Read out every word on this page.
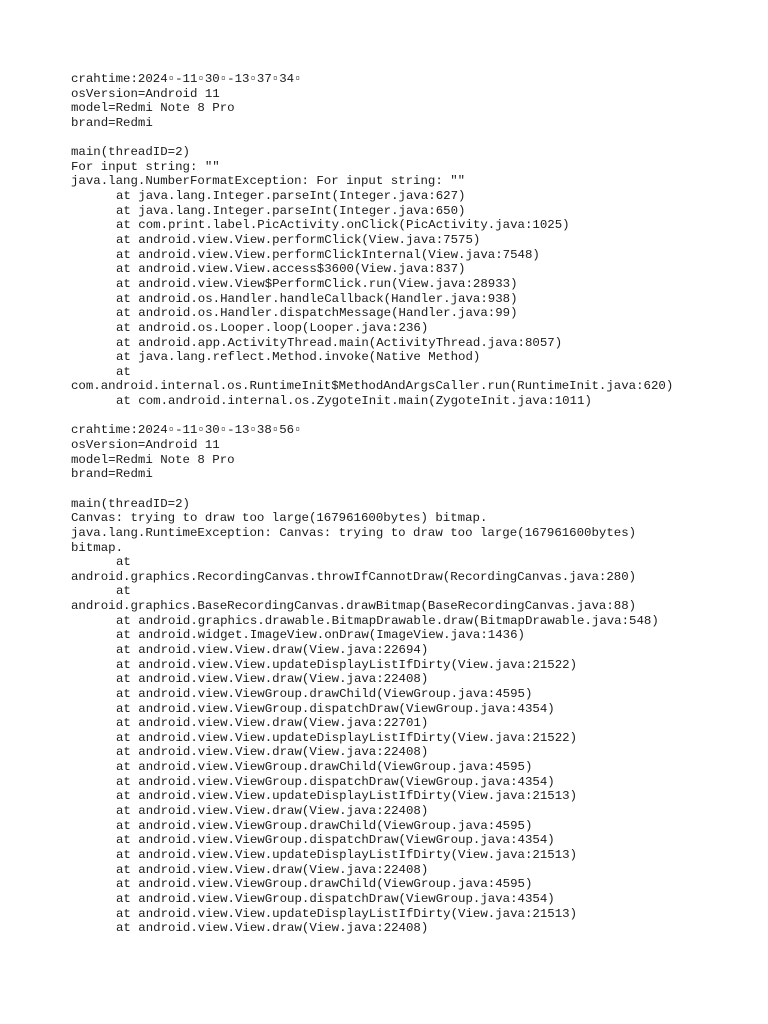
crahtime:2024▫-11▫30▫-13▫37▫34▫
osVersion=Android 11
model=Redmi Note 8 Pro
brand=Redmi
main(threadID=2)
For input string: ""
java.lang.NumberFormatException: For input string: ""
at java.lang.Integer.parseInt(Integer.java:627)
at java.lang.Integer.parseInt(Integer.java:650)
at com.print.label.PicActivity.onClick(PicActivity.java:1025)
at android.view.View.performClick(View.java:7575)
at android.view.View.performClickInternal(View.java:7548)
at android.view.View.access$3600(View.java:837)
at android.view.View$PerformClick.run(View.java:28933)
at android.os.Handler.handleCallback(Handler.java:938)
at android.os.Handler.dispatchMessage(Handler.java:99)
at android.os.Looper.loop(Looper.java:236)
at android.app.ActivityThread.main(ActivityThread.java:8057)
at java.lang.reflect.Method.invoke(Native Method)
at
com.android.internal.os.RuntimeInit$MethodAndArgsCaller.run(RuntimeInit.java:620)
at com.android.internal.os.ZygoteInit.main(ZygoteInit.java:1011)
crahtime:2024▫-11▫30▫-13▫38▫56▫
osVersion=Android 11
model=Redmi Note 8 Pro
brand=Redmi
main(threadID=2)
Canvas: trying to draw too large(167961600bytes) bitmap.
java.lang.RuntimeException: Canvas: trying to draw too large(167961600bytes)
bitmap.
at
android.graphics.RecordingCanvas.throwIfCannotDraw(RecordingCanvas.java:280)
at
android.graphics.BaseRecordingCanvas.drawBitmap(BaseRecordingCanvas.java:88)
at android.graphics.drawable.BitmapDrawable.draw(BitmapDrawable.java:548)
at android.widget.ImageView.onDraw(ImageView.java:1436)
at android.view.View.draw(View.java:22694)
at android.view.View.updateDisplayListIfDirty(View.java:21522)
at android.view.View.draw(View.java:22408)
at android.view.ViewGroup.drawChild(ViewGroup.java:4595)
at android.view.ViewGroup.dispatchDraw(ViewGroup.java:4354)
at android.view.View.draw(View.java:22701)
at android.view.View.updateDisplayListIfDirty(View.java:21522)
at android.view.View.draw(View.java:22408)
at android.view.ViewGroup.drawChild(ViewGroup.java:4595)
at android.view.ViewGroup.dispatchDraw(ViewGroup.java:4354)
at android.view.View.updateDisplayListIfDirty(View.java:21513)
at android.view.View.draw(View.java:22408)
at android.view.ViewGroup.drawChild(ViewGroup.java:4595)
at android.view.ViewGroup.dispatchDraw(ViewGroup.java:4354)
at android.view.View.updateDisplayListIfDirty(View.java:21513)
at android.view.View.draw(View.java:22408)
at android.view.ViewGroup.drawChild(ViewGroup.java:4595)
at android.view.ViewGroup.dispatchDraw(ViewGroup.java:4354)
at android.view.View.updateDisplayListIfDirty(View.java:21513)
at android.view.View.draw(View.java:22408)
